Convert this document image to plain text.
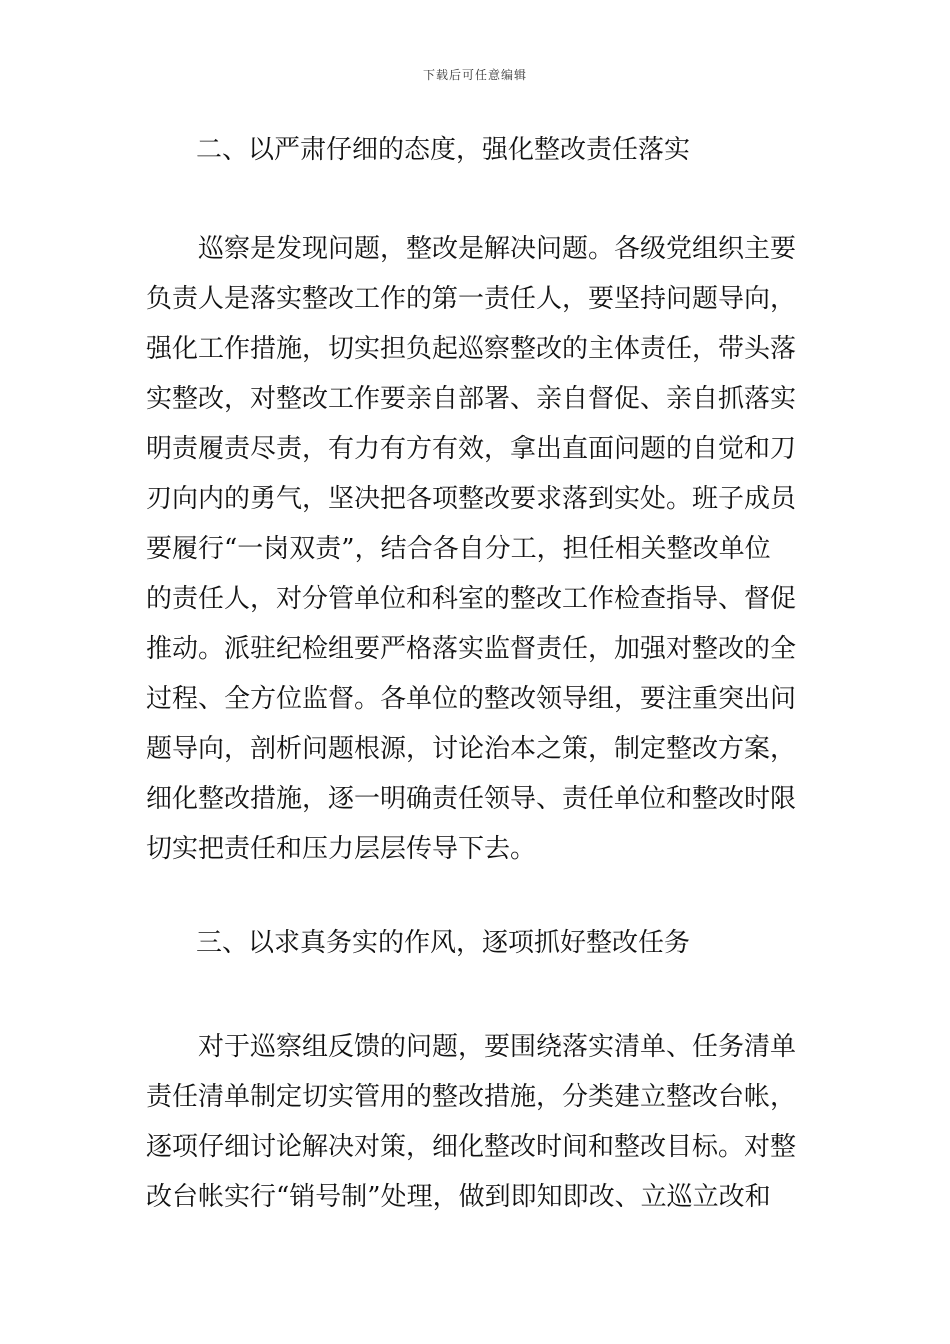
下载后可任意编辑
二、以严肃仔细的态度，强化整改责任落实
巡察是发现问题，整改是解决问题。各级党组织主要
负责人是落实整改工作的第一责任人，要坚持问题导向，
强化工作措施，切实担负起巡察整改的主体责任，带头落
实整改，对整改工作要亲自部署、亲自督促、亲自抓落实
明责履责尽责，有力有方有效，拿出直面问题的自觉和刀
刃向内的勇气，坚决把各项整改要求落到实处。班子成员
要履行“一岗双责”，结合各自分工，担任相关整改单位
的责任人，对分管单位和科室的整改工作检查指导、督促
推动。派驻纪检组要严格落实监督责任，加强对整改的全
过程、全方位监督。各单位的整改领导组，要注重突出问
题导向，剖析问题根源，讨论治本之策，制定整改方案，
细化整改措施，逐一明确责任领导、责任单位和整改时限
切实把责任和压力层层传导下去。
三、以求真务实的作风，逐项抓好整改任务
对于巡察组反馈的问题，要围绕落实清单、任务清单
责任清单制定切实管用的整改措施，分类建立整改台帐，
逐项仔细讨论解决对策，细化整改时间和整改目标。对整
改台帐实行“销号制”处理，做到即知即改、立巡立改和
